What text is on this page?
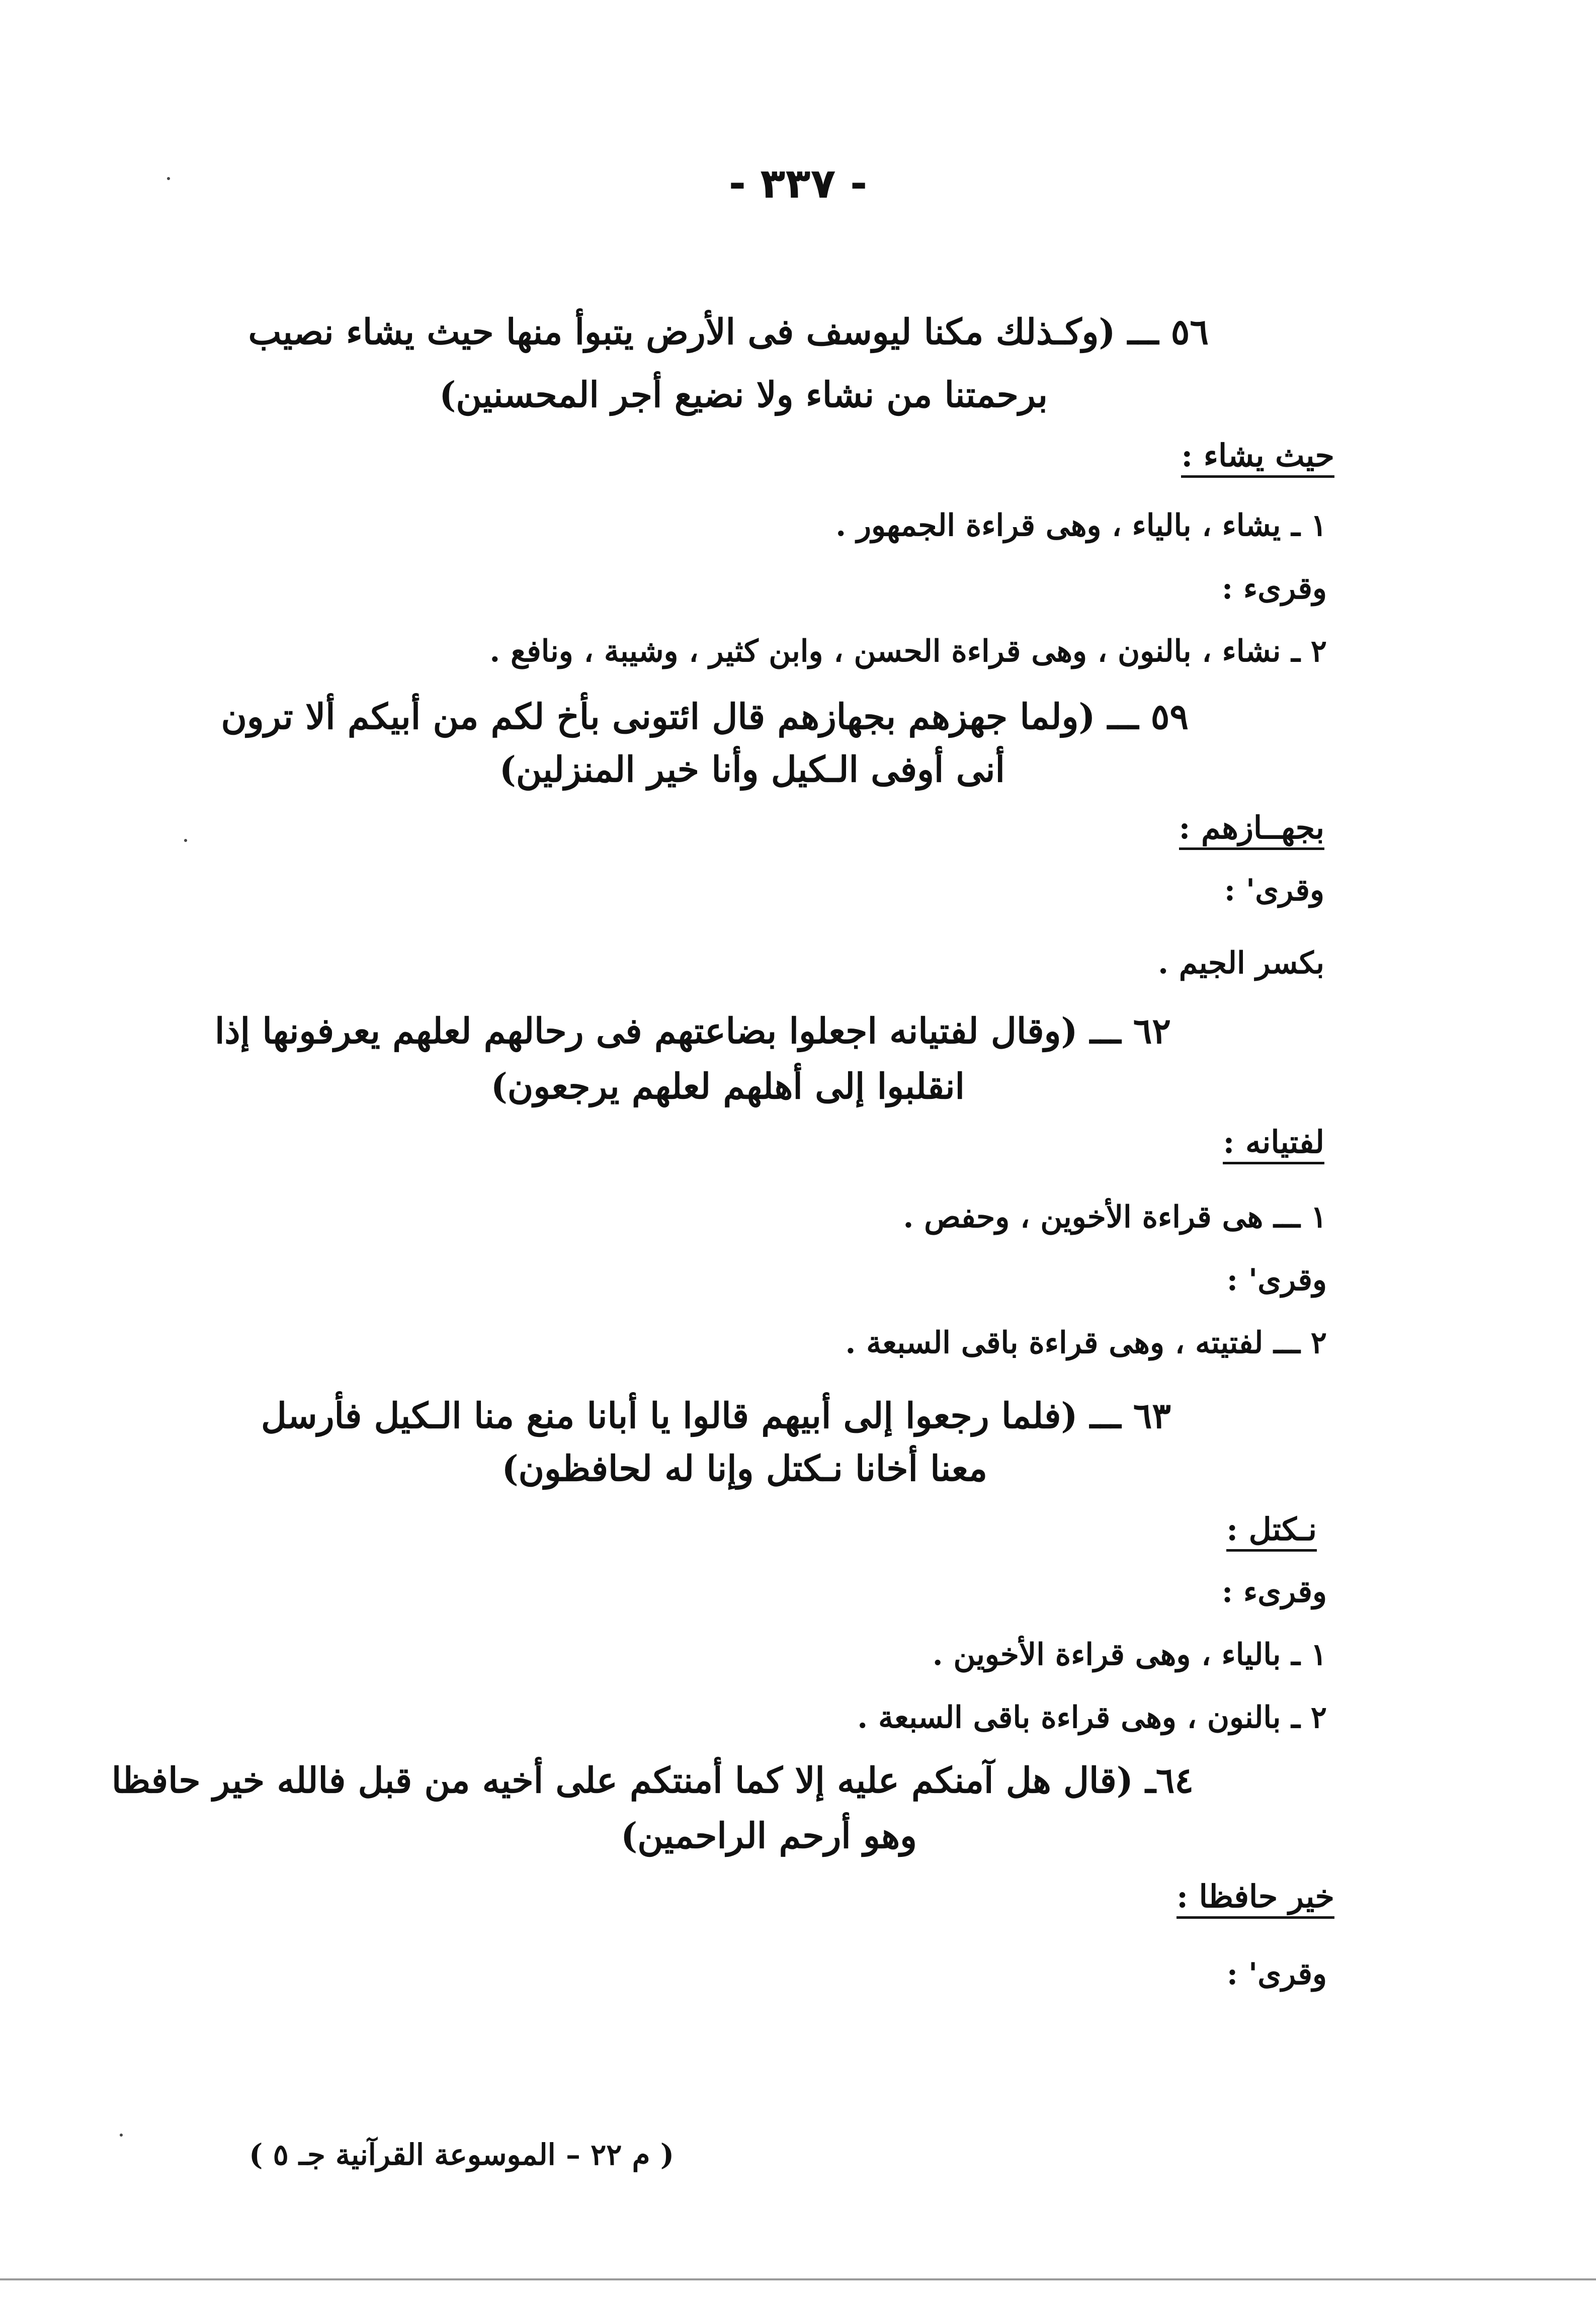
- ٣٣٧ -
٥٦ ـــ (وكـذلك مكنا ليوسف فى الأرض يتبوأ منها حيث يشاء نصيب
برحمتنا من نشاء ولا نضيع أجر المحسنين)
حيث يشاء :
١ ـ يشاء ، بالياء ، وهى قراءة الجمهور .
وقرىء :
٢ ـ نشاء ، بالنون ، وهى قراءة الحسن ، وابن كثير ، وشيبة ، ونافع .
٥٩ ـــ (ولما جهزهم بجهازهم قال ائتونى بأخ لكم من أبيكم ألا ترون
أنى أوفى الـكيل وأنا خير المنزلين)
بجهــازهم :
وقرى' :
بكسر الجيم .
٦٢ ـــ (وقال لفتيانه اجعلوا بضاعتهم فى رحالهم لعلهم يعرفونها إذا
انقلبوا إلى أهلهم لعلهم يرجعون)
لفتيانه :
١ ـــ هى قراءة الأخوين ، وحفص .
وقرى' :
٢ ـــ لفتيته ، وهى قراءة باقى السبعة .
٦٣ ـــ (فلما رجعوا إلى أبيهم قالوا يا أبانا منع منا الـكيل فأرسل
معنا أخانا نـكتل وإنا له لحافظون)
نـكتل :
وقرىء :
١ ـ بالياء ، وهى قراءة الأخوين .
٢ ـ بالنون ، وهى قراءة باقى السبعة .
٦٤ـ (قال هل آمنكم عليه إلا كما أمنتكم على أخيه من قبل فالله خير حافظا
وهو أرحم الراحمين)
خير حافظا :
وقرى' :
( م ٢٢ – الموسوعة القرآنية جـ ٥ )
